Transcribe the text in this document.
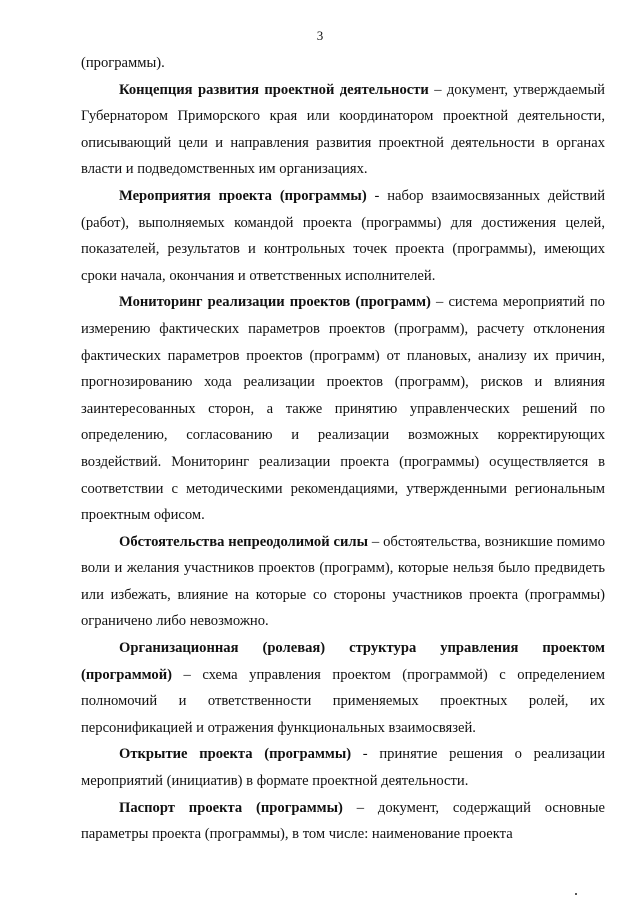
3

(программы).

Концепция развития проектной деятельности – документ, утверждаемый Губернатором Приморского края или координатором проектной деятельности, описывающий цели и направления развития проектной деятельности в органах власти и подведомственных им организациях.

Мероприятия проекта (программы) - набор взаимосвязанных действий (работ), выполняемых командой проекта (программы) для достижения целей, показателей, результатов и контрольных точек проекта (программы), имеющих сроки начала, окончания и ответственных исполнителей.

Мониторинг реализации проектов (программ) – система мероприятий по измерению фактических параметров проектов (программ), расчету отклонения фактических параметров проектов (программ) от плановых, анализу их причин, прогнозированию хода реализации проектов (программ), рисков и влияния заинтересованных сторон, а также принятию управленческих решений по определению, согласованию и реализации возможных корректирующих воздействий. Мониторинг реализации проекта (программы) осуществляется в соответствии с методическими рекомендациями, утвержденными региональным проектным офисом.

Обстоятельства непреодолимой силы – обстоятельства, возникшие помимо воли и желания участников проектов (программ), которые нельзя было предвидеть или избежать, влияние на которые со стороны участников проекта (программы) ограничено либо невозможно.

Организационная (ролевая) структура управления проектом (программой) – схема управления проектом (программой) с определением полномочий и ответственности применяемых проектных ролей, их персонификацией и отражения функциональных взаимосвязей.

Открытие проекта (программы) - принятие решения о реализации мероприятий (инициатив) в формате проектной деятельности.

Паспорт проекта (программы) – документ, содержащий основные параметры проекта (программы), в том числе: наименование проекта
